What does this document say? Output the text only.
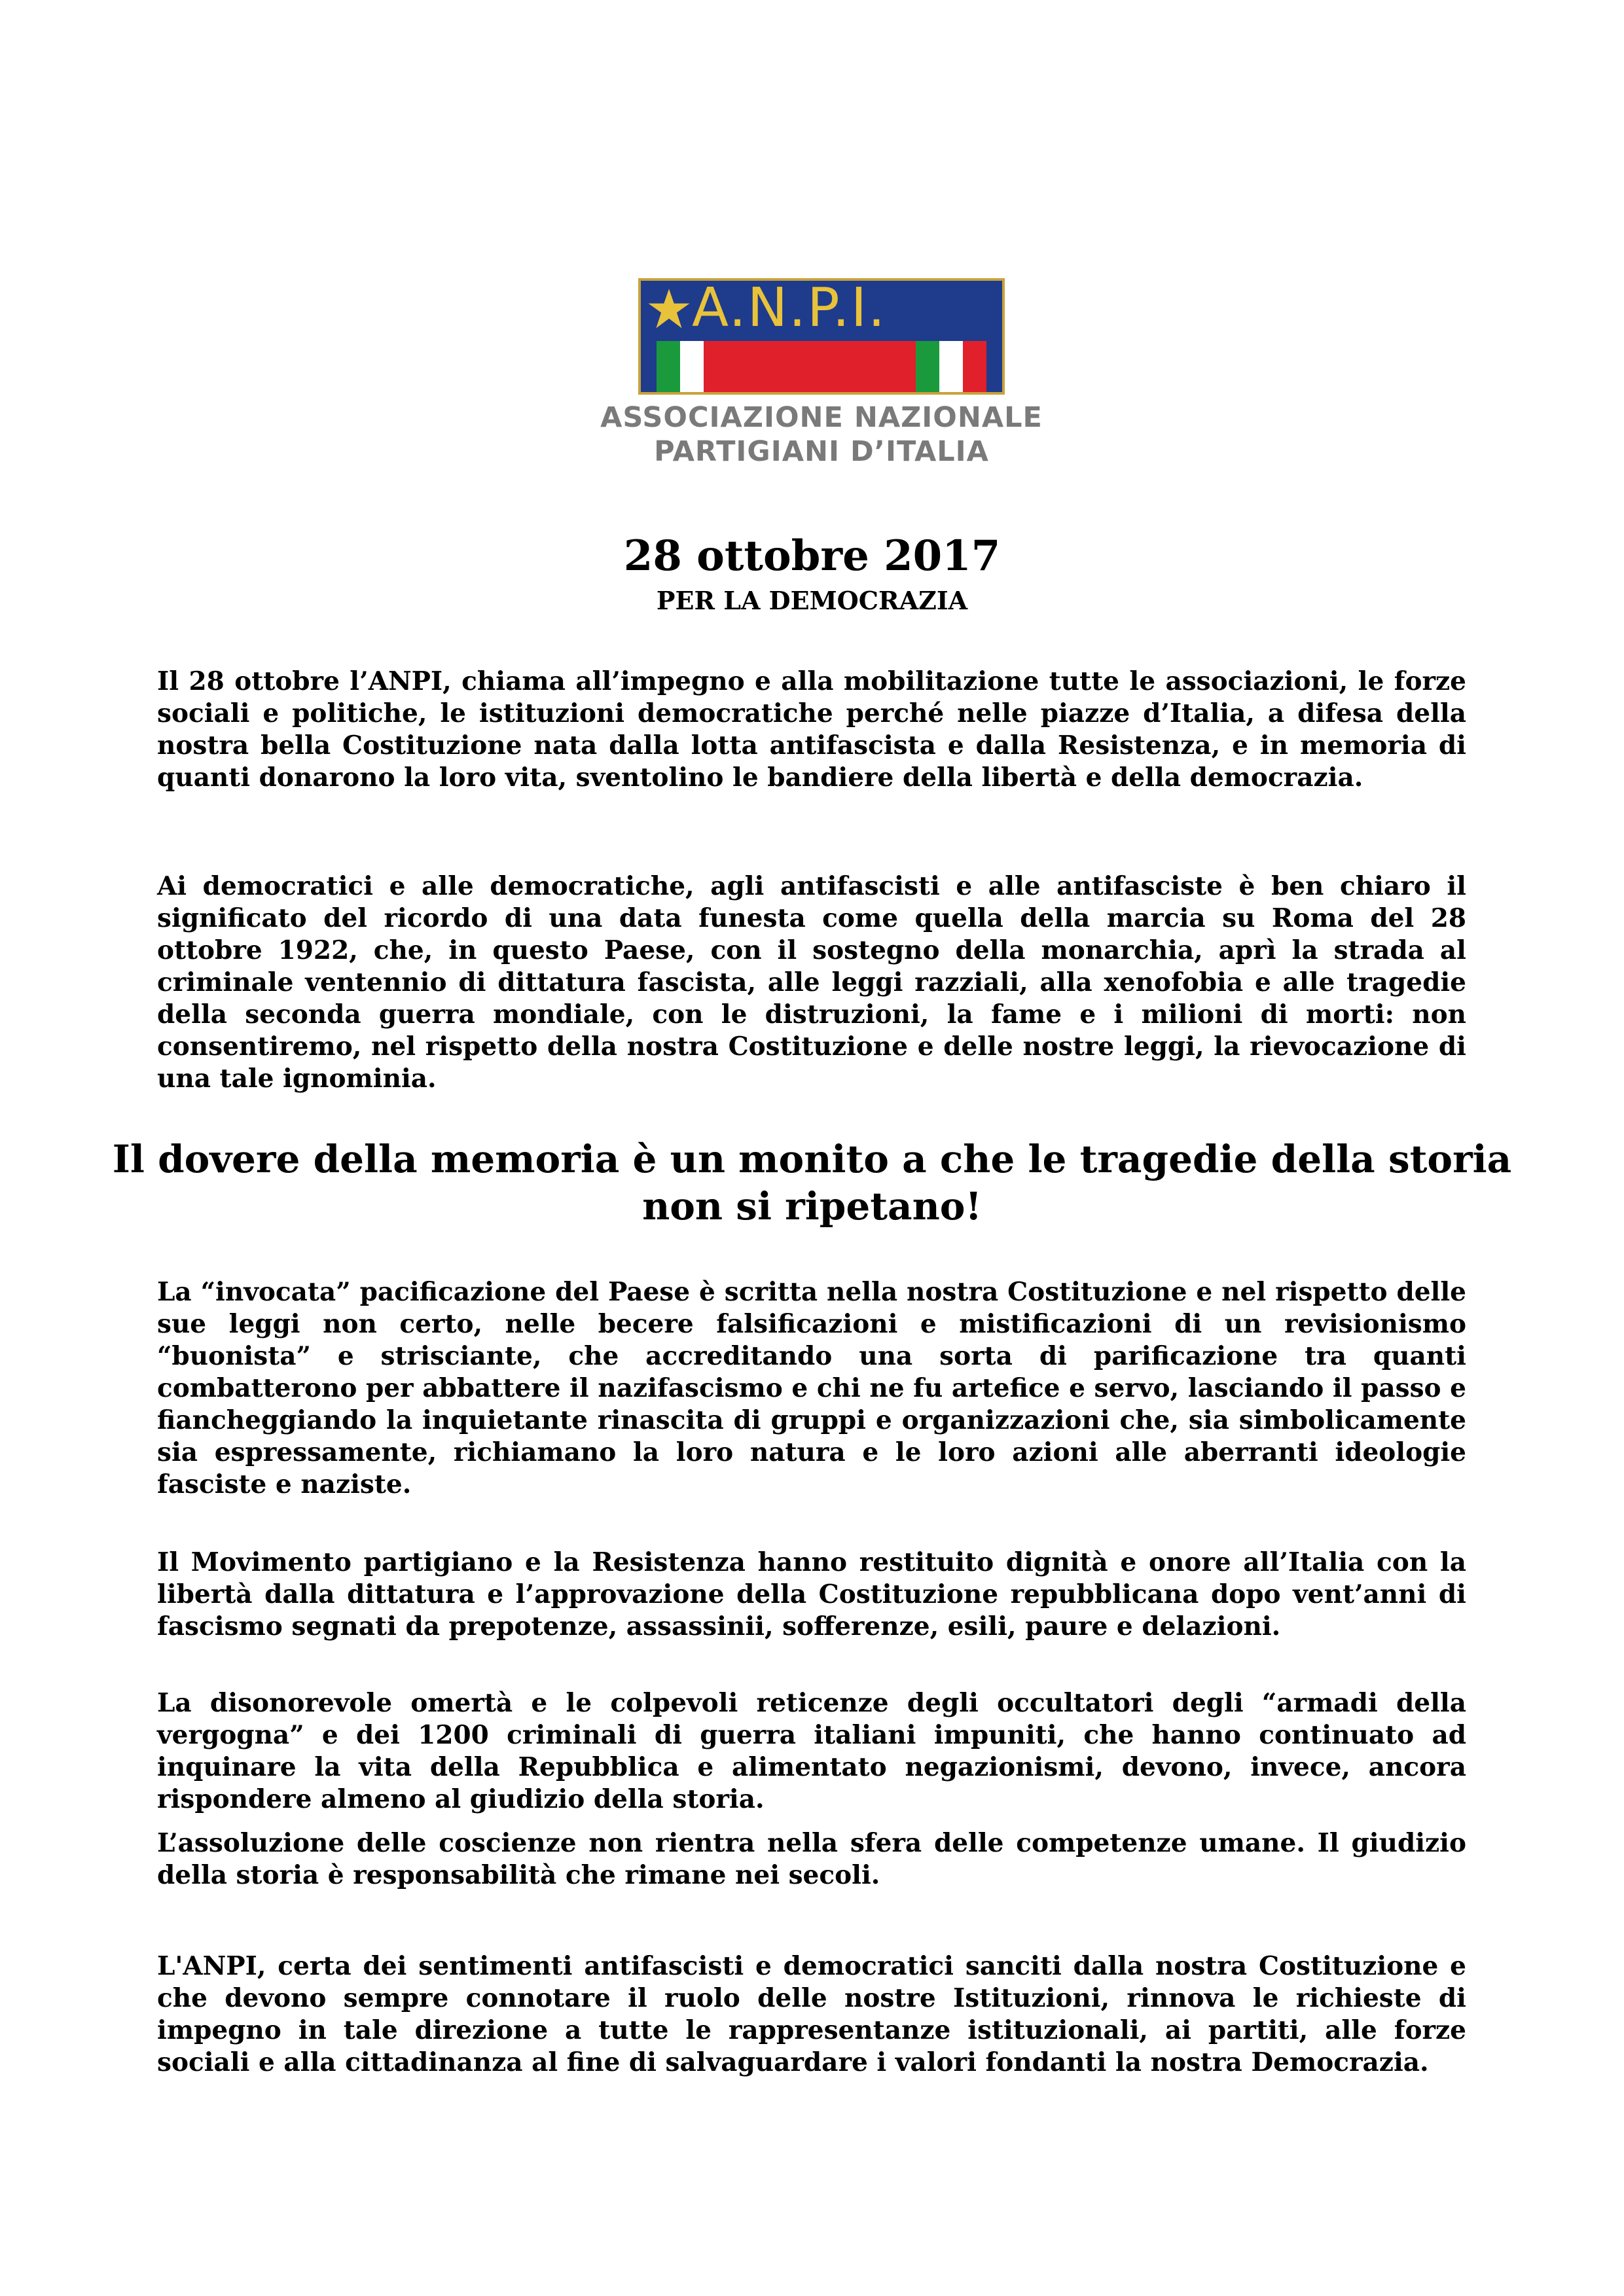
A.N.P.I.
ASSOCIAZIONE NAZIONALE
PARTIGIANI D’ITALIA
28 ottobre 2017
PER LA DEMOCRAZIA

Il 28 ottobre l’ANPI, chiama all’impegno e alla mobilitazione tutte le associazioni, le forze sociali e politiche, le istituzioni democratiche perché nelle piazze d’Italia, a difesa della nostra bella Costituzione nata dalla lotta antifascista e dalla Resistenza, e in memoria di quanti donarono la loro vita, sventolino le bandiere della libertà e della democrazia.

Ai democratici e alle democratiche, agli antifascisti e alle antifasciste è ben chiaro il significato del ricordo di una data funesta come quella della marcia su Roma del 28 ottobre 1922, che, in questo Paese, con il sostegno della monarchia, aprì la strada al criminale ventennio di dittatura fascista, alle leggi razziali, alla xenofobia e alle tragedie della seconda guerra mondiale, con le distruzioni, la fame e i milioni di morti: non consentiremo, nel rispetto della nostra Costituzione e delle nostre leggi, la rievocazione di una tale ignominia.

Il dovere della memoria è un monito a che le tragedie della storia non si ripetano!

La “invocata” pacificazione del Paese è scritta nella nostra Costituzione e nel rispetto delle sue leggi non certo, nelle becere falsificazioni e mistificazioni di un revisionismo “buonista” e strisciante, che accreditando una sorta di parificazione tra quanti combatterono per abbattere il nazifascismo e chi ne fu artefice e servo, lasciando il passo e fiancheggiando la inquietante rinascita di gruppi e organizzazioni che, sia simbolicamente sia espressamente, richiamano la loro natura e le loro azioni alle aberranti ideologie fasciste e naziste.

Il Movimento partigiano e la Resistenza hanno restituito dignità e onore all’Italia con la libertà dalla dittatura e l’approvazione della Costituzione repubblicana dopo vent’anni di fascismo segnati da prepotenze, assassinii, sofferenze, esili, paure e delazioni.

La disonorevole omertà e le colpevoli reticenze degli occultatori degli “armadi della vergogna” e dei 1200 criminali di guerra italiani impuniti, che hanno continuato ad inquinare la vita della Repubblica e alimentato negazionismi, devono, invece, ancora rispondere almeno al giudizio della storia.

L’assoluzione delle coscienze non rientra nella sfera delle competenze umane. Il giudizio della storia è responsabilità che rimane nei secoli.

L'ANPI, certa dei sentimenti antifascisti e democratici sanciti dalla nostra Costituzione e che devono sempre connotare il ruolo delle nostre Istituzioni, rinnova le richieste di impegno in tale direzione a tutte le rappresentanze istituzionali, ai partiti, alle forze sociali e alla cittadinanza al fine di salvaguardare i valori fondanti la nostra Democrazia.
